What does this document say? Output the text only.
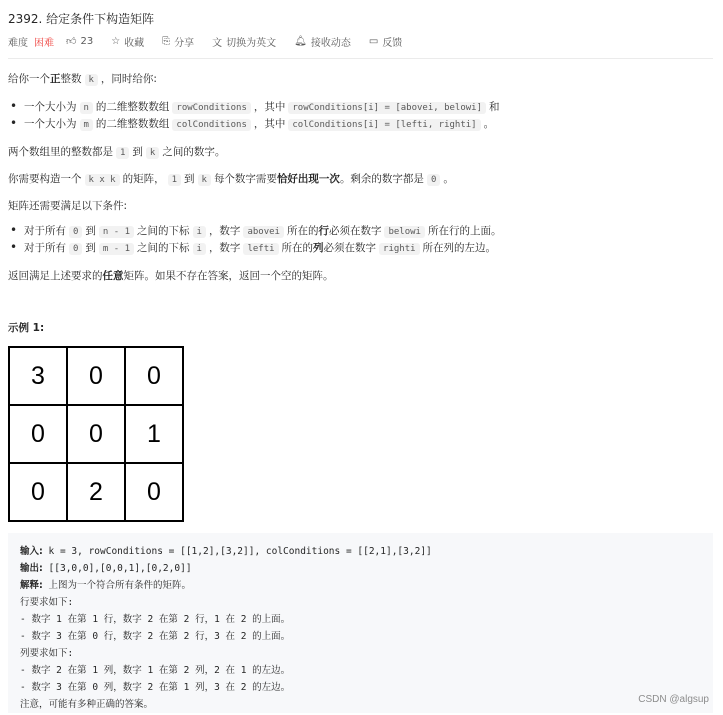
2392. 给定条件下构造矩阵
难度 困难 👍︎ 23 ☆ 收藏 ⎘ 分享 文 切换为英文 🔔︎ 接收动态 ▭ 反馈
给你一个正整数 k ，同时给你:
• 一个大小为 n 的二维整数数组 rowConditions ，其中 rowConditions[i] = [abovei, belowi] 和
• 一个大小为 m 的二维整数数组 colConditions ，其中 colConditions[i] = [lefti, righti] 。
两个数组里的整数都是 1 到 k 之间的数字。
你需要构造一个 k x k 的矩阵， 1 到 k 每个数字需要恰好出现一次。剩余的数字都是 0 。
矩阵还需要满足以下条件:
• 对于所有 0 到 n - 1 之间的下标 i ，数字 abovei 所在的行必须在数字 belowi 所在行的上面。
• 对于所有 0 到 m - 1 之间的下标 i ，数字 lefti 所在的列必须在数字 righti 所在列的左边。
返回满足上述要求的任意矩阵。如果不存在答案，返回一个空的矩阵。
示例 1:
3	0	0
0	0	1
0	2	0
输入: k = 3, rowConditions = [[1,2],[3,2]], colConditions = [[2,1],[3,2]]
输出: [[3,0,0],[0,0,1],[0,2,0]]
解释: 上图为一个符合所有条件的矩阵。
行要求如下:
- 数字 1 在第 1 行，数字 2 在第 2 行，1 在 2 的上面。
- 数字 3 在第 0 行，数字 2 在第 2 行，3 在 2 的上面。
列要求如下:
- 数字 2 在第 1 列，数字 1 在第 2 列，2 在 1 的左边。
- 数字 3 在第 0 列，数字 2 在第 1 列，3 在 2 的左边。
注意，可能有多种正确的答案。	CSDN @algsup
